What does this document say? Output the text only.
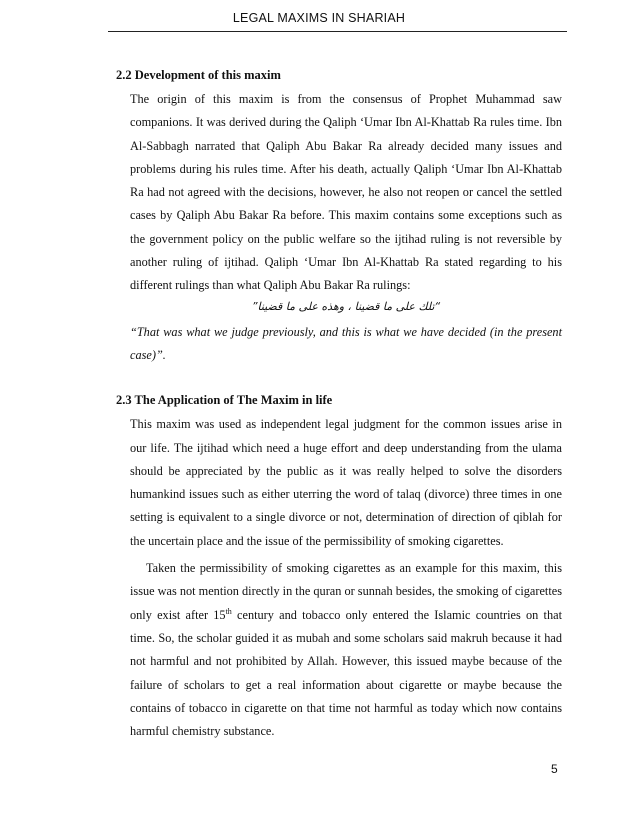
LEGAL MAXIMS IN SHARIAH

2.2 Development of this maxim

The origin of this maxim is from the consensus of Prophet Muhammad saw companions. It was derived during the Qaliph ‘Umar Ibn Al-Khattab Ra rules time. Ibn Al-Sabbagh narrated that Qaliph Abu Bakar Ra already decided many issues and problems during his rules time. After his death, actually Qaliph ‘Umar Ibn Al-Khattab Ra had not agreed with the decisions, however, he also not reopen or cancel the settled cases by Qaliph Abu Bakar Ra before. This maxim contains some exceptions such as the government policy on the public welfare so the ijtihad ruling is not reversible by another ruling of ijtihad. Qaliph ‘Umar Ibn Al-Khattab Ra stated regarding to his different rulings than what Qaliph Abu Bakar Ra rulings:

“تلك على ما قضينا ، وهذه على ما قضينا”

“That was what we judge previously, and this is what we have decided (in the present case)”.

2.3 The Application of The Maxim in life

This maxim was used as independent legal judgment for the common issues arise in our life. The ijtihad which need a huge effort and deep understanding from the ulama should be appreciated by the public as it was really helped to solve the disorders humankind issues such as either uterring the word of talaq (divorce) three times in one setting is equivalent to a single divorce or not, determination of direction of qiblah for the uncertain place and the issue of the permissibility of smoking cigarettes.

Taken the permissibility of smoking cigarettes as an example for this maxim, this issue was not mention directly in the quran or sunnah besides, the smoking of cigarettes only exist after 15th century and tobacco only entered the Islamic countries on that time. So, the scholar guided it as mubah and some scholars said makruh because it had not harmful and not prohibited by Allah. However, this issued maybe because of the failure of scholars to get a real information about cigarette or maybe because the contains of tobacco in cigarette on that time not harmful as today which now contains harmful chemistry substance.

5
